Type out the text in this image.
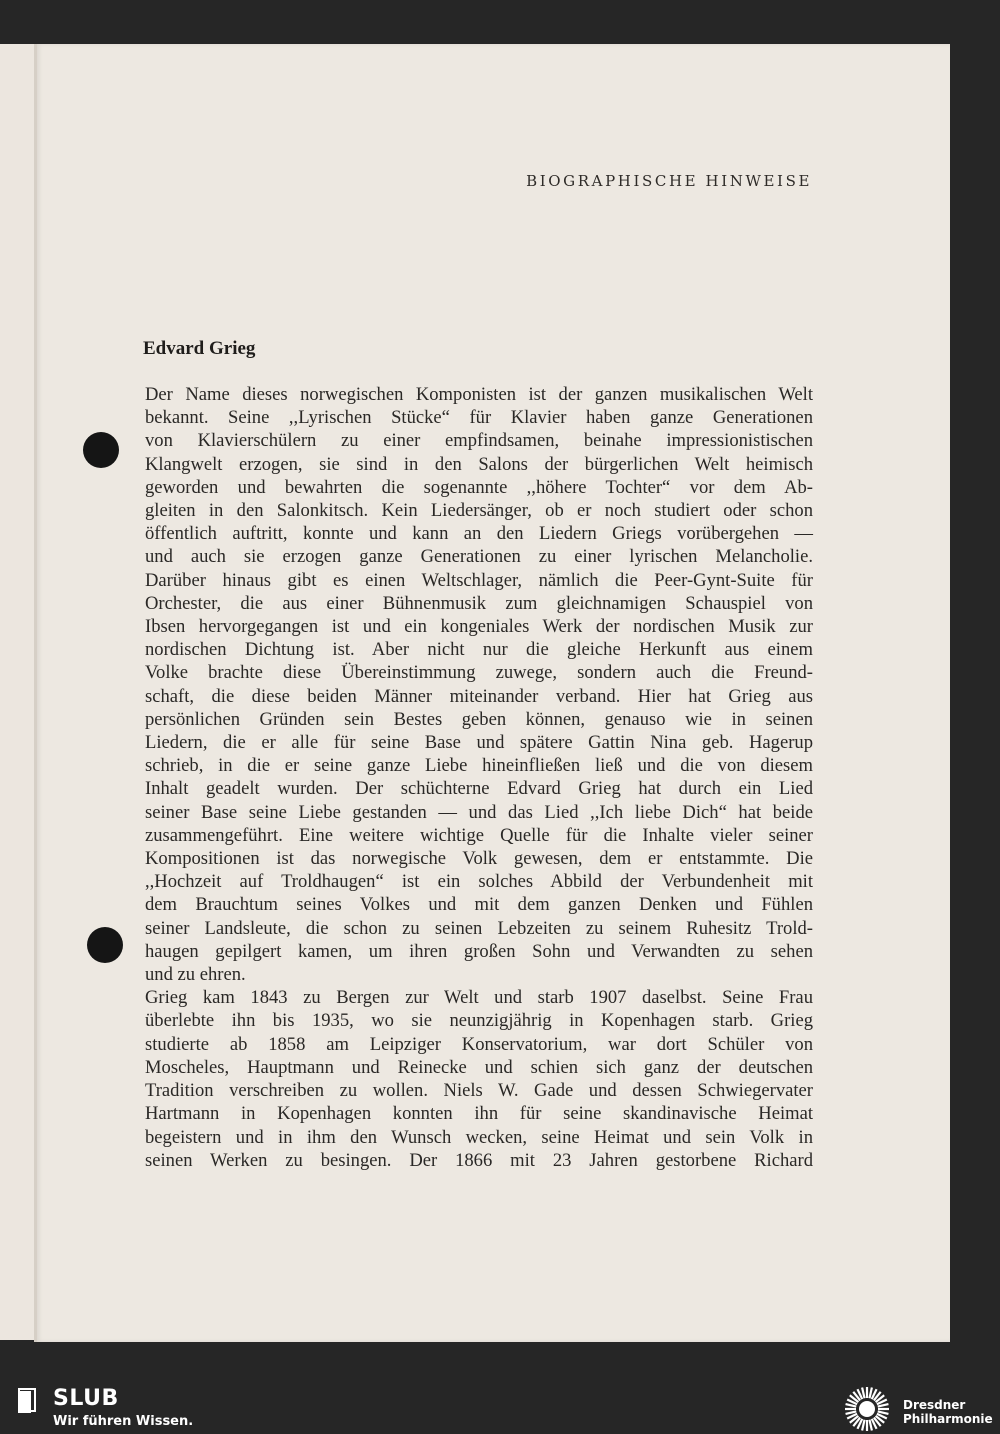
BIOGRAPHISCHE HINWEISE
Edvard Grieg
Der Name dieses norwegischen Komponisten ist der ganzen musikalischen Welt
bekannt. Seine ,,Lyrischen Stücke“ für Klavier haben ganze Generationen
von Klavierschülern zu einer empfindsamen, beinahe impressionistischen
Klangwelt erzogen, sie sind in den Salons der bürgerlichen Welt heimisch
geworden und bewahrten die sogenannte ,,höhere Tochter“ vor dem Ab-
gleiten in den Salonkitsch. Kein Liedersänger, ob er noch studiert oder schon
öffentlich auftritt, konnte und kann an den Liedern Griegs vorübergehen —
und auch sie erzogen ganze Generationen zu einer lyrischen Melancholie.
Darüber hinaus gibt es einen Weltschlager, nämlich die Peer-Gynt-Suite für
Orchester, die aus einer Bühnenmusik zum gleichnamigen Schauspiel von
Ibsen hervorgegangen ist und ein kongeniales Werk der nordischen Musik zur
nordischen Dichtung ist. Aber nicht nur die gleiche Herkunft aus einem
Volke brachte diese Übereinstimmung zuwege, sondern auch die Freund-
schaft, die diese beiden Männer miteinander verband. Hier hat Grieg aus
persönlichen Gründen sein Bestes geben können, genauso wie in seinen
Liedern, die er alle für seine Base und spätere Gattin Nina geb. Hagerup
schrieb, in die er seine ganze Liebe hineinfließen ließ und die von diesem
Inhalt geadelt wurden. Der schüchterne Edvard Grieg hat durch ein Lied
seiner Base seine Liebe gestanden — und das Lied ,,Ich liebe Dich“ hat beide
zusammengeführt. Eine weitere wichtige Quelle für die Inhalte vieler seiner
Kompositionen ist das norwegische Volk gewesen, dem er entstammte. Die
,,Hochzeit auf Troldhaugen“ ist ein solches Abbild der Verbundenheit mit
dem Brauchtum seines Volkes und mit dem ganzen Denken und Fühlen
seiner Landsleute, die schon zu seinen Lebzeiten zu seinem Ruhesitz Trold-
haugen gepilgert kamen, um ihren großen Sohn und Verwandten zu sehen
und zu ehren.
Grieg kam 1843 zu Bergen zur Welt und starb 1907 daselbst. Seine Frau
überlebte ihn bis 1935, wo sie neunzigjährig in Kopenhagen starb. Grieg
studierte ab 1858 am Leipziger Konservatorium, war dort Schüler von
Moscheles, Hauptmann und Reinecke und schien sich ganz der deutschen
Tradition verschreiben zu wollen. Niels W. Gade und dessen Schwiegervater
Hartmann in Kopenhagen konnten ihn für seine skandinavische Heimat
begeistern und in ihm den Wunsch wecken, seine Heimat und sein Volk in
seinen Werken zu besingen. Der 1866 mit 23 Jahren gestorbene Richard
SLUB
Wir führen Wissen.
Dresdner
Philharmonie
